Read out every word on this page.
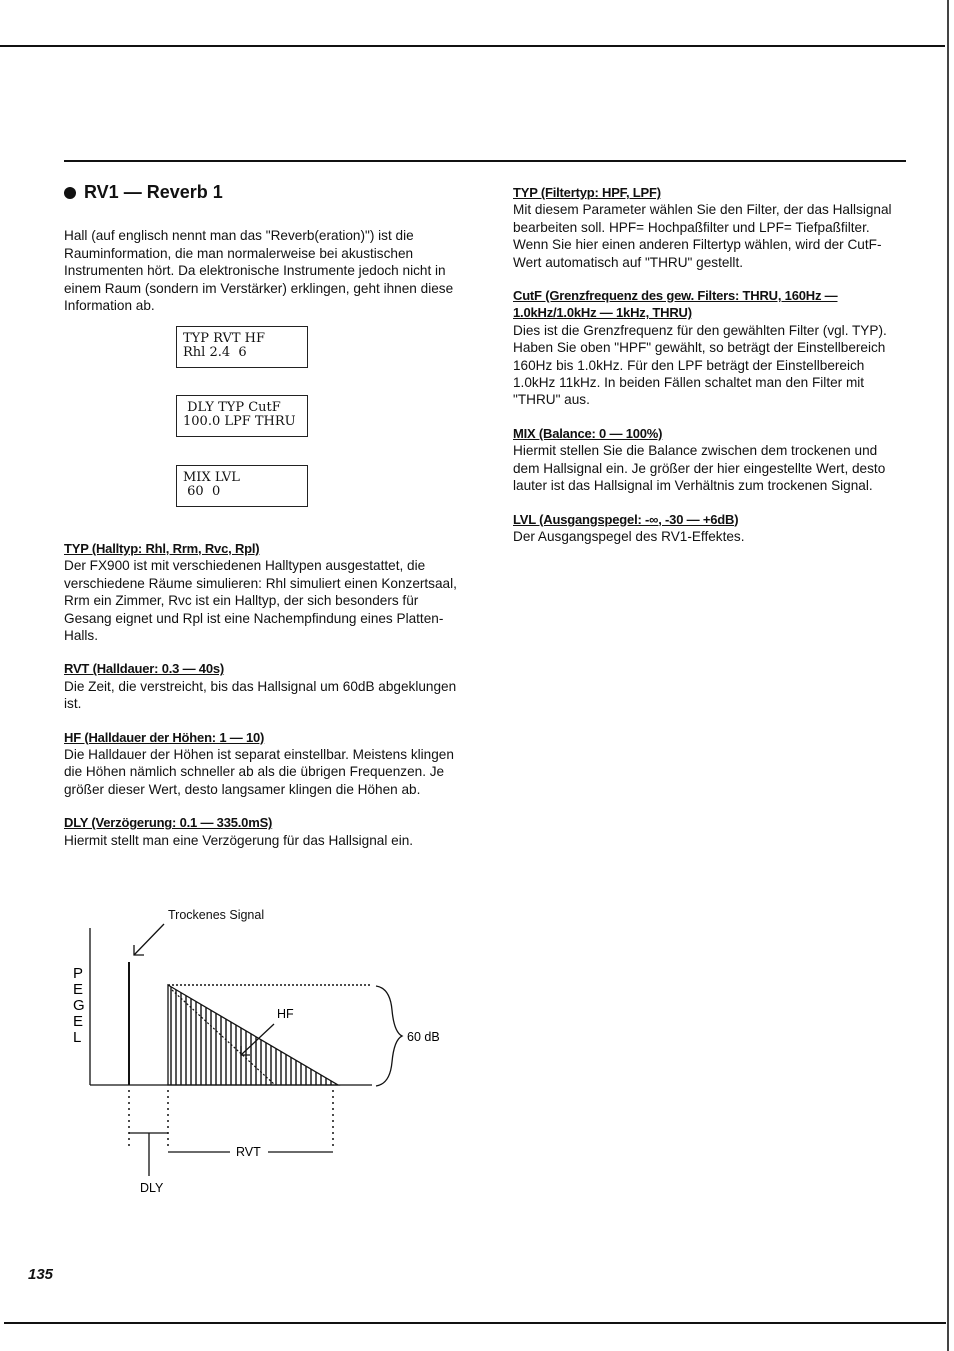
RV1 — Reverb 1

Hall (auf englisch nennt man das "Reverb(eration)") ist die Rauminformation, die man normalerweise bei akustischen Instrumenten hört. Da elektronische Instrumente jedoch nicht in einem Raum (sondern im Verstärker) erklingen, geht ihnen diese Information ab.

TYP RVT HF
Rhl 2.4  6
DLY TYP CutF
100.0 LPF THRU
MIX LVL
60  0
TYP (Halltyp: Rhl, Rrm, Rvc, Rpl)

Der FX900 ist mit verschiedenen Halltypen ausgestattet, die verschiedene Räume simulieren: Rhl simuliert einen Konzertsaal, Rrm ein Zimmer, Rvc ist ein Halltyp, der sich besonders für Gesang eignet und Rpl ist eine Nachempfindung eines Platten-Halls.

RVT (Halldauer: 0.3 — 40s)

Die Zeit, die verstreicht, bis das Hallsignal um 60dB abgeklungen ist.

HF (Halldauer der Höhen: 1 — 10)

Die Halldauer der Höhen ist separat einstellbar. Meistens klingen die Höhen nämlich schneller ab als die übrigen Frequenzen. Je größer dieser Wert, desto langsamer klingen die Höhen ab.

DLY (Verzögerung: 0.1 — 335.0mS)

Hiermit stellt man eine Verzögerung für das Hallsignal ein.

TYP (Filtertyp: HPF, LPF)

Mit diesem Parameter wählen Sie den Filter, der das Hallsignal bearbeiten soll. HPF= Hochpaßfilter und LPF= Tiefpaßfilter. Wenn Sie hier einen anderen Filtertyp wählen, wird der CutF-Wert automatisch auf "THRU" gestellt.

CutF (Grenzfrequenz des gew. Filters: THRU, 160Hz — 1.0kHz/1.0kHz — 1kHz, THRU)

Dies ist die Grenzfrequenz für den gewählten Filter (vgl. TYP). Haben Sie oben "HPF" gewählt, so beträgt der Einstellbereich 160Hz bis 1.0kHz. Für den LPF beträgt der Einstellbereich 1.0kHz 11kHz. In beiden Fällen schaltet man den Filter mit "THRU" aus.

MIX (Balance: 0 — 100%)

Hiermit stellen Sie die Balance zwischen dem trockenen und dem Hallsignal ein. Je größer der hier eingestellte Wert, desto lauter ist das Hallsignal im Verhältnis zum trockenen Signal.

LVL (Ausgangspegel: -∞, -30 — +6dB)

Der Ausgangspegel des RV1-Effektes.

Trockenes Signal
P
E
G
E
L
HF
60 dB
DLY
RVT
135
